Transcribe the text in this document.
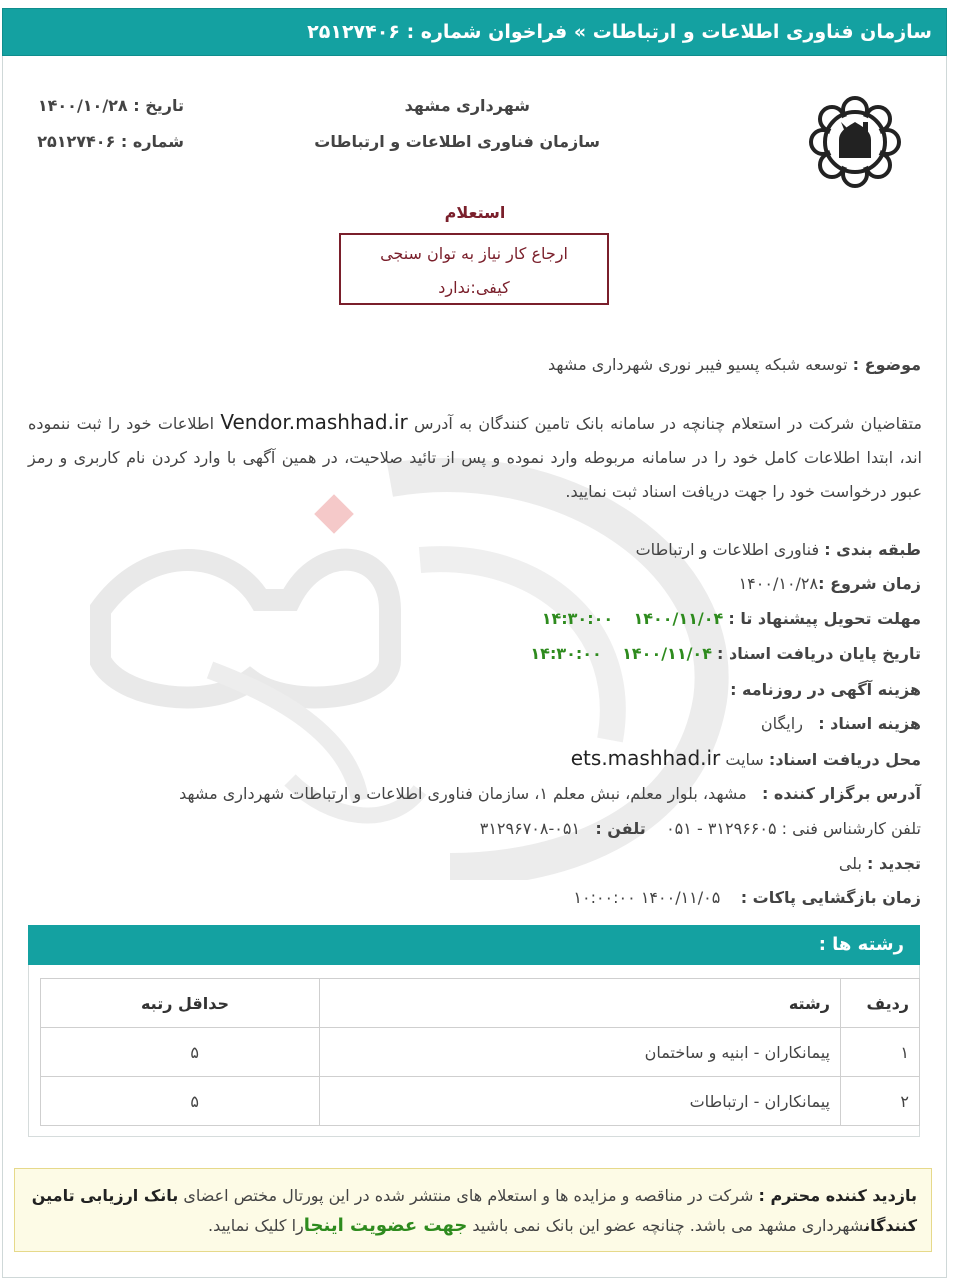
سازمان فناوری اطلاعات و ارتباطات » فراخوان شماره : ۲۵۱۲۷۴۰۶
شهرداری مشهد
سازمان فناوری اطلاعات و ارتباطات
تاریخ : ۱۴۰۰/۱۰/۲۸
شماره : ۲۵۱۲۷۴۰۶
استعلام
ارجاع کار نیاز به توان سنجی
کیفی:ندارد
موضوع : توسعه شبکه پسیو فیبر نوری شهرداری مشهد
متقاضیان شرکت در استعلام چنانچه در سامانه بانک تامین کنندگان به آدرس Vendor.mashhad.ir اطلاعات خود را ثبت ننموده اند، ابتدا اطلاعات کامل خود را در سامانه مربوطه وارد نموده و پس از تائید صلاحیت، در همین آگهی با وارد کردن نام کاربری و رمز عبور درخواست خود را جهت دریافت اسناد ثبت نمایید.
طبقه بندی : فناوری اطلاعات و ارتباطات
زمان شروع :۱۴۰۰/۱۰/۲۸
مهلت تحویل پیشنهاد تا : ۱۴۰۰/۱۱/۰۴    ۱۴:۳۰:۰۰
تاریخ پایان دریافت اسناد : ۱۴۰۰/۱۱/۰۴    ۱۴:۳۰:۰۰
هزینه آگهی در روزنامه :
هزینه اسناد :   رایگان
محل دریافت اسناد: سایت ets.mashhad.ir
آدرس برگزار کننده :   مشهد، بلوار معلم، نبش معلم ۱، سازمان فناوری اطلاعات و ارتباطات شهرداری مشهد
تلفن کارشناس فنی : ۳۱۲۹۶۶۰۵ - ۰۵۱    تلفن :   ۰۵۱-۳۱۲۹۶۷۰۸
تجدید : بلی
زمان بازگشایی پاکات :    ۱۴۰۰/۱۱/۰۵ ۱۰:۰۰:۰۰
رشته ها :
ردیف	رشته	حداقل رتبه
۱	پیمانکاران - ابنیه و ساختمان	۵
۲	پیمانکاران - ارتباطات	۵
بازدید کننده محترم : شرکت در مناقصه و مزایده ها و استعلام های منتشر شده در این پورتال مختص اعضای بانک ارزیابی تامین کنندگانشهرداری مشهد می باشد. چنانچه عضو این بانک نمی باشید جهت عضویت اینجارا کلیک نمایید.
